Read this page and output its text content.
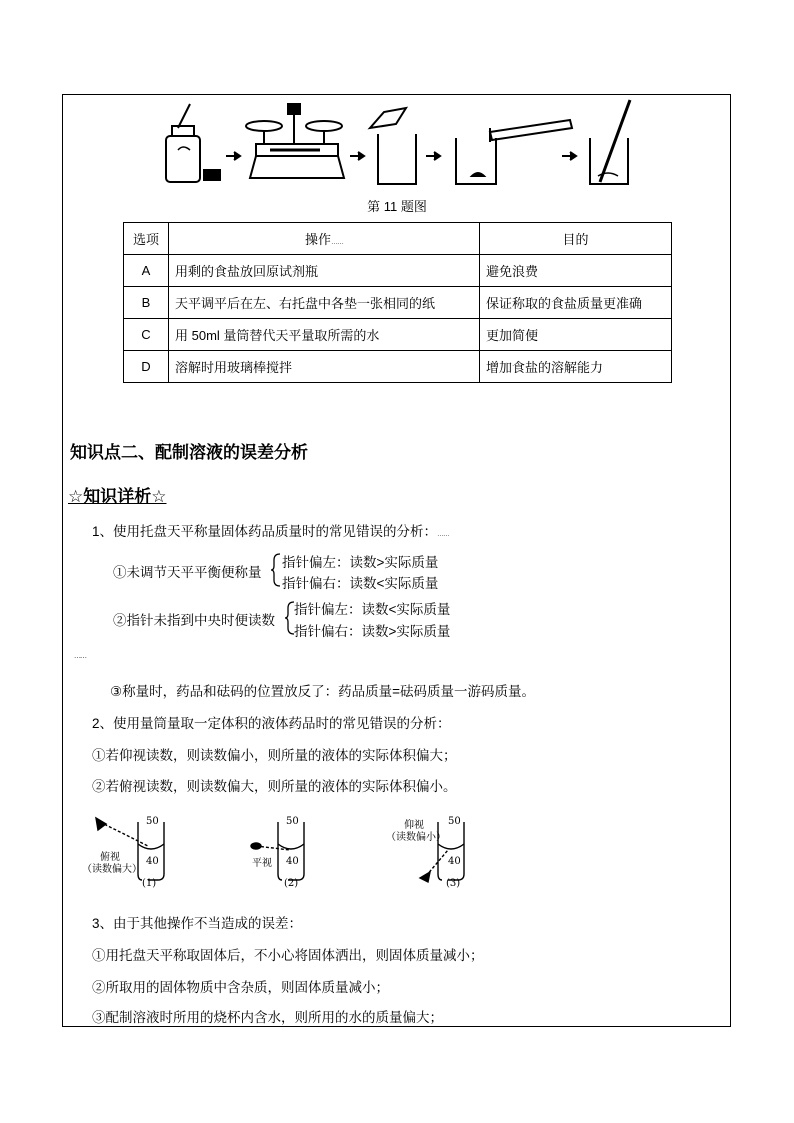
第 11 题图
选项	操作……	目的
A	用剩的食盐放回原试剂瓶	避免浪费
B	天平调平后在左、右托盘中各垫一张相同的纸	保证称取的食盐质量更准确
C	用 50ml 量筒替代天平量取所需的水	更加简便
D	溶解时用玻璃棒搅拌	增加食盐的溶解能力
知识点二、配制溶液的误差分析
☆知识详析☆
1、使用托盘天平称量固体药品质量时的常见错误的分析：……
①未调节天平平衡便称量
指针偏左：读数>实际质量
指针偏右：读数<实际质量
②指针未指到中央时便读数
指针偏左：读数<实际质量
指针偏右：读数>实际质量
……
③称量时，药品和砝码的位置放反了：药品质量=砝码质量一游码质量。
2、使用量筒量取一定体积的液体药品时的常见错误的分析：
①若仰视读数，则读数偏小，则所量的液体的实际体积偏大；
②若俯视读数，则读数偏大，则所量的液体的实际体积偏小。
50
40
俯视
（读数偏大）
(1)
50
40
平视
(2)
50
40
仰视
（读数偏小）
(3)
3、由于其他操作不当造成的误差：
①用托盘天平称取固体后，不小心将固体洒出，则固体质量减小；
②所取用的固体物质中含杂质，则固体质量减小；
③配制溶液时所用的烧杯内含水，则所用的水的质量偏大；
